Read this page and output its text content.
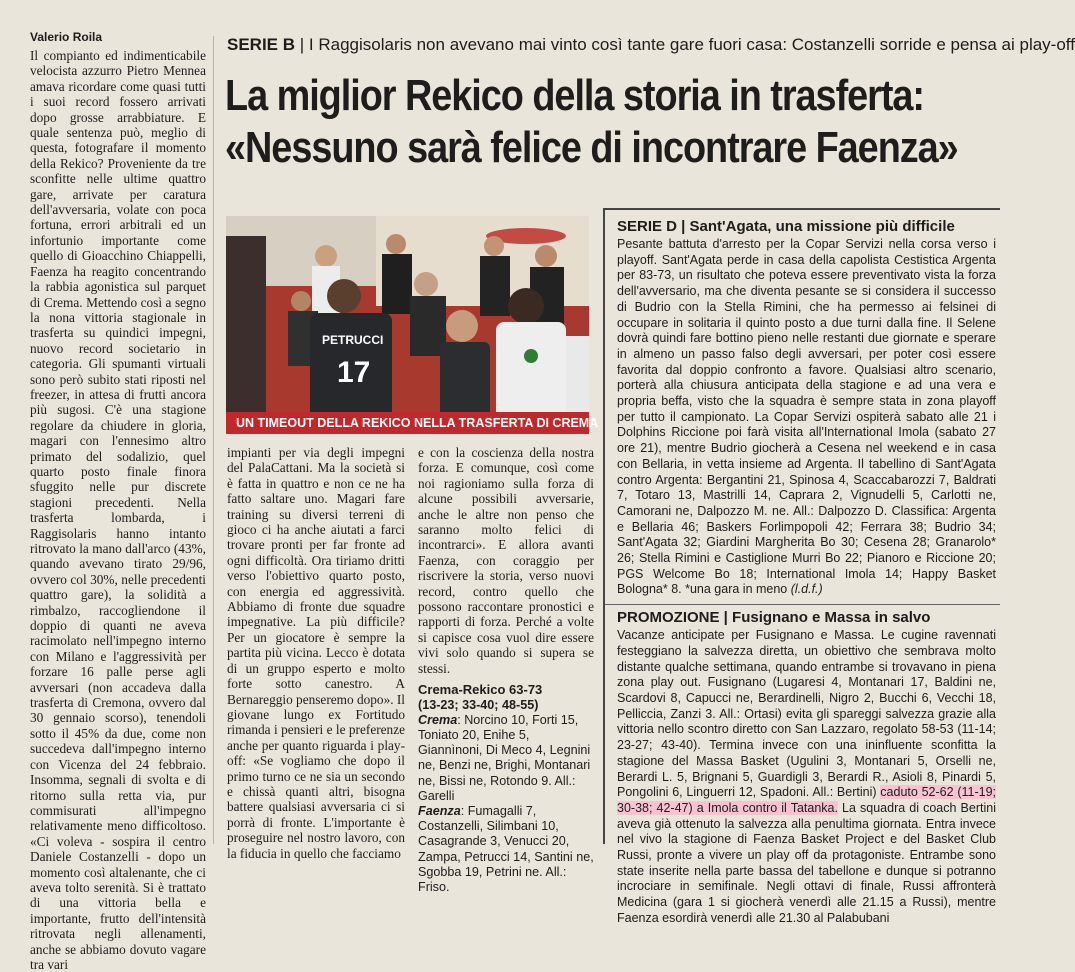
Valerio Roila	SERIE B | I Raggisolaris non avevano mai vinto così tante gare fuori casa: Costanzelli sorride e pensa ai play-off
La miglior Rekico della storia in trasferta:
«Nessuno sarà felice di incontrare Faenza»

Il compianto ed indimenticabile velocista azzurro Pietro Mennea amava ricordare come quasi tutti i suoi record fossero arrivati dopo grosse arrabbiature. E quale sentenza può, meglio di questa, fotografare il momento della Rekico? Proveniente da tre sconfitte nelle ultime quattro gare, arrivate per caratura dell'avversaria, volate con poca fortuna, errori arbitrali ed un infortunio importante come quello di Gioacchino Chiappelli, Faenza ha reagito concentrando la rabbia agonistica sul parquet di Crema. Mettendo così a segno la nona vittoria stagionale in trasferta su quindici impegni, nuovo record societario in categoria. Gli spumanti virtuali sono però subito stati riposti nel freezer, in attesa di frutti ancora più sugosi. C'è una stagione regolare da chiudere in gloria, magari con l'ennesimo altro primato del sodalizio, quel quarto posto finale finora sfuggito nelle pur discrete stagioni precedenti. Nella trasferta lombarda, i Raggisolaris hanno intanto ritrovato la mano dall'arco (43%, quando avevano tirato 29/96, ovvero col 30%, nelle precedenti quattro gare), la solidità a rimbalzo, raccogliendone il doppio di quanti ne aveva racimolato nell'impegno interno con Milano e l'aggressività per forzare 16 palle perse agli avversari (non accadeva dalla trasferta di Cremona, ovvero dal 30 gennaio scorso), tenendoli sotto il 45% da due, come non succedeva dall'impegno interno con Vicenza del 24 febbraio. Insomma, segnali di svolta e di ritorno sulla retta via, pur commisurati all'impegno relativamente meno difficoltoso. «Ci voleva - sospira il centro Daniele Costanzelli - dopo un momento così altalenante, che ci aveva tolto serenità. Si è trattato di una vittoria bella e importante, frutto dell'intensità ritrovata negli allenamenti, anche se abbiamo dovuto vagare tra vari

PETRUCCI
17
UN TIMEOUT DELLA REKICO NELLA TRASFERTA DI CREMA

impianti per via degli impegni del PalaCattani. Ma la società si è fatta in quattro e non ce ne ha fatto saltare uno. Magari fare training su diversi terreni di gioco ci ha anche aiutati a farci trovare pronti per far fronte ad ogni difficoltà. Ora tiriamo dritti verso l'obiettivo quarto posto, con energia ed aggressività. Abbiamo di fronte due squadre impegnative. La più difficile? Per un giocatore è sempre la partita più vicina. Lecco è dotata di un gruppo esperto e molto forte sotto canestro. A Bernareggio penseremo dopo». Il giovane lungo ex Fortitudo rimanda i pensieri e le preferenze anche per quanto riguarda i play-off: «Se vogliamo che dopo il primo turno ce ne sia un secondo e chissà quanti altri, bisogna battere qualsiasi avversaria ci si porrà di fronte. L'importante è proseguire nel nostro lavoro, con la fiducia in quello che facciamo

e con la coscienza della nostra forza. E comunque, così come noi ragioniamo sulla forza di alcune possibili avversarie, anche le altre non penso che saranno molto felici di incontrarci». E allora avanti Faenza, con coraggio per riscrivere la storia, verso nuovi record, contro quello che possono raccontare pronostici e rapporti di forza. Perché a volte si capisce cosa vuol dire essere vivi solo quando si supera se stessi.

Crema-Rekico 63-73

(13-23; 33-40; 48-55)

Crema: Norcino 10, Forti 15, Toniato 20, Enihe 5, Giannìnoni, Di Meco 4, Legnini ne, Benzi ne, Brighi, Montanari ne, Bissi ne, Rotondo 9. All.: Garelli

Faenza: Fumagalli 7, Costanzelli, Silimbani 10, Casagrande 3, Venucci 20, Zampa, Petrucci 14, Santini ne, Sgobba 19, Petrini ne. All.: Friso.

SERIE D | Sant'Agata, una missione più difficile

Pesante battuta d'arresto per la Copar Servizi nella corsa verso i playoff. Sant'Agata perde in casa della capolista Cestistica Argenta per 83-73, un risultato che poteva essere preventivato vista la forza dell'avversario, ma che diventa pesante se si considera il successo di Budrio con la Stella Rimini, che ha permesso ai felsinei di occupare in solitaria il quinto posto a due turni dalla fine. Il Selene dovrà quindi fare bottino pieno nelle restanti due giornate e sperare in almeno un passo falso degli avversari, per poter così essere favorita dal doppio confronto a favore. Qualsiasi altro scenario, porterà alla chiusura anticipata della stagione e ad una vera e propria beffa, visto che la squadra è sempre stata in zona playoff per tutto il campionato. La Copar Servizi ospiterà sabato alle 21 i Dolphins Riccione poi farà visita all'International Imola (sabato 27 ore 21), mentre Budrio giocherà a Cesena nel weekend e in casa con Bellaria, in vetta insieme ad Argenta. Il tabellino di Sant'Agata contro Argenta: Bergantini 21, Spinosa 4, Scaccabarozzi 7, Baldrati 7, Totaro 13, Mastrilli 14, Caprara 2, Vignudelli 5, Carlotti ne, Camorani ne, Dalpozzo M. ne. All.: Dalpozzo D. Classifica: Argenta e Bellaria 46; Baskers Forlimpopoli 42; Ferrara 38; Budrio 34; Sant'Agata 32; Giardini Margherita Bo 30; Cesena 28; Granarolo* 26; Stella Rimini e Castiglione Murri Bo 22; Pianoro e Riccione 20; PGS Welcome Bo 18; International Imola 14; Happy Basket Bologna* 8. *una gara in meno (l.d.f.)

PROMOZIONE | Fusignano e Massa in salvo

Vacanze anticipate per Fusignano e Massa. Le cugine ravennati festeggiano la salvezza diretta, un obiettivo che sembrava molto distante qualche settimana, quando entrambe si trovavano in piena zona play out. Fusignano (Lugaresi 4, Montanari 17, Baldini ne, Scardovi 8, Capucci ne, Berardinelli, Nigro 2, Bucchi 6, Vecchi 18, Pelliccia, Zanzi 3. All.: Ortasi) evita gli spareggi salvezza grazie alla vittoria nello scontro diretto con San Lazzaro, regolato 58-53 (11-14; 23-27; 43-40). Termina invece con una ininfluente sconfitta la stagione del Massa Basket (Ugulini 3, Montanari 5, Orselli ne, Berardi L. 5, Brignani 5, Guardigli 3, Berardi R., Asioli 8, Pinardi 5, Pongolini 6, Linguerri 12, Spadoni. All.: Bertini) caduto 52-62 (11-19; 30-38; 42-47) a Imola contro il Tatanka. La squadra di coach Bertini aveva già ottenuto la salvezza alla penultima giornata. Entra invece nel vivo la stagione di Faenza Basket Project e del Basket Club Russi, pronte a vivere un play off da protagoniste. Entrambe sono state inserite nella parte bassa del tabellone e dunque si potranno incrociare in semifinale. Negli ottavi di finale, Russi affronterà Medicina (gara 1 si giocherà venerdì alle 21.15 a Russi), mentre Faenza esordirà venerdì alle 21.30 al Palabubani
